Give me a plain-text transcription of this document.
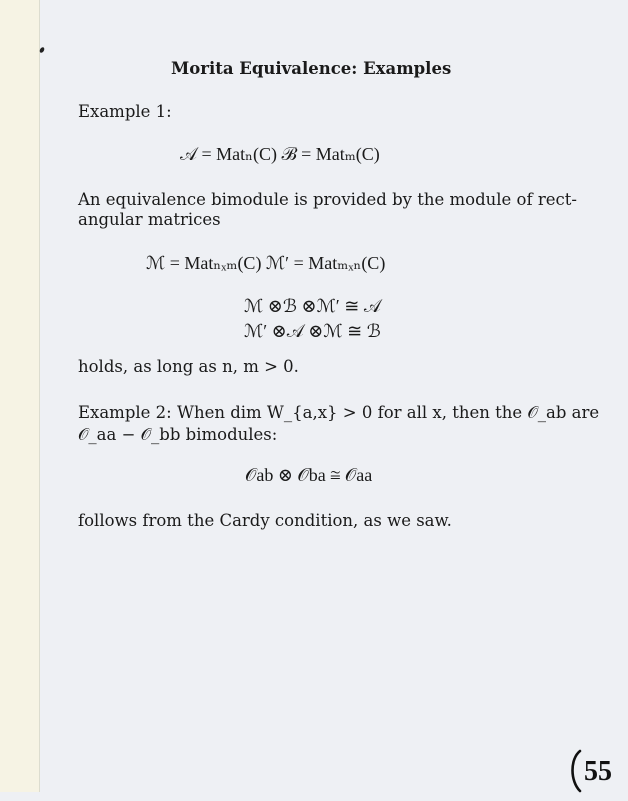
Morita Equivalence: Examples
Example 1:
𝒜 = Matₙ(C) ℬ = Matₘ(C)
An equivalence bimodule is provided by the module of rect-
angular matrices
ℳ = Matₙₓₘ(C) ℳ′ = Matₘₓₙ(C)
ℳ ⊗ℬ ⊗ℳ′ ≅ 𝒜
ℳ′ ⊗𝒜 ⊗ℳ ≅ ℬ
holds, as long as n, m > 0.
Example 2: When dim W_{a,x} > 0 for all x, then the 𝒪_ab are
𝒪_aa − 𝒪_bb bimodules:
𝒪ab ⊗ 𝒪ba ≅ 𝒪aa
follows from the Cardy condition, as we saw.
55
